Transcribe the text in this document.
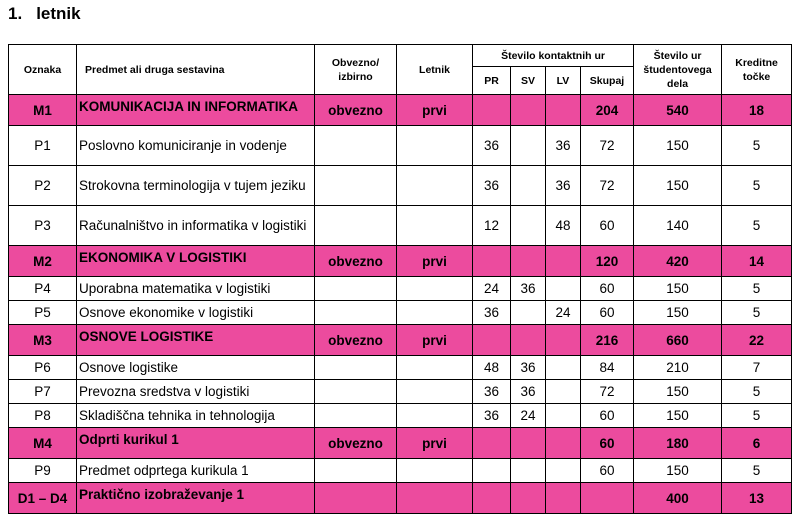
1. letnik
Oznaka	Predmet ali druga sestavina	Obvezno/ izbirno	Letnik	Število kontaktnih ur				Število ur študentovega dela	Kreditne točke
				PR	SV	LV	Skupaj		
M1	KOMUNIKACIJA IN INFORMATIKA	obvezno	prvi				204	540	18
P1	Poslovno komuniciranje in vodenje			36		36	72	150	5
P2	Strokovna terminologija v tujem jeziku			36		36	72	150	5
P3	Računalništvo in informatika v logistiki			12		48	60	140	5
M2	EKONOMIKA V LOGISTIKI	obvezno	prvi				120	420	14
P4	Uporabna matematika v logistiki			24	36		60	150	5
P5	Osnove ekonomike v logistiki			36		24	60	150	5
M3	OSNOVE LOGISTIKE	obvezno	prvi				216	660	22
P6	Osnove logistike			48	36		84	210	7
P7	Prevozna sredstva v logistiki			36	36		72	150	5
P8	Skladiščna tehnika in tehnologija			36	24		60	150	5
M4	Odprti kurikul 1	obvezno	prvi				60	180	6
P9	Predmet odprtega kurikula 1						60	150	5
D1 – D4	Praktično izobraževanje 1							400	13
